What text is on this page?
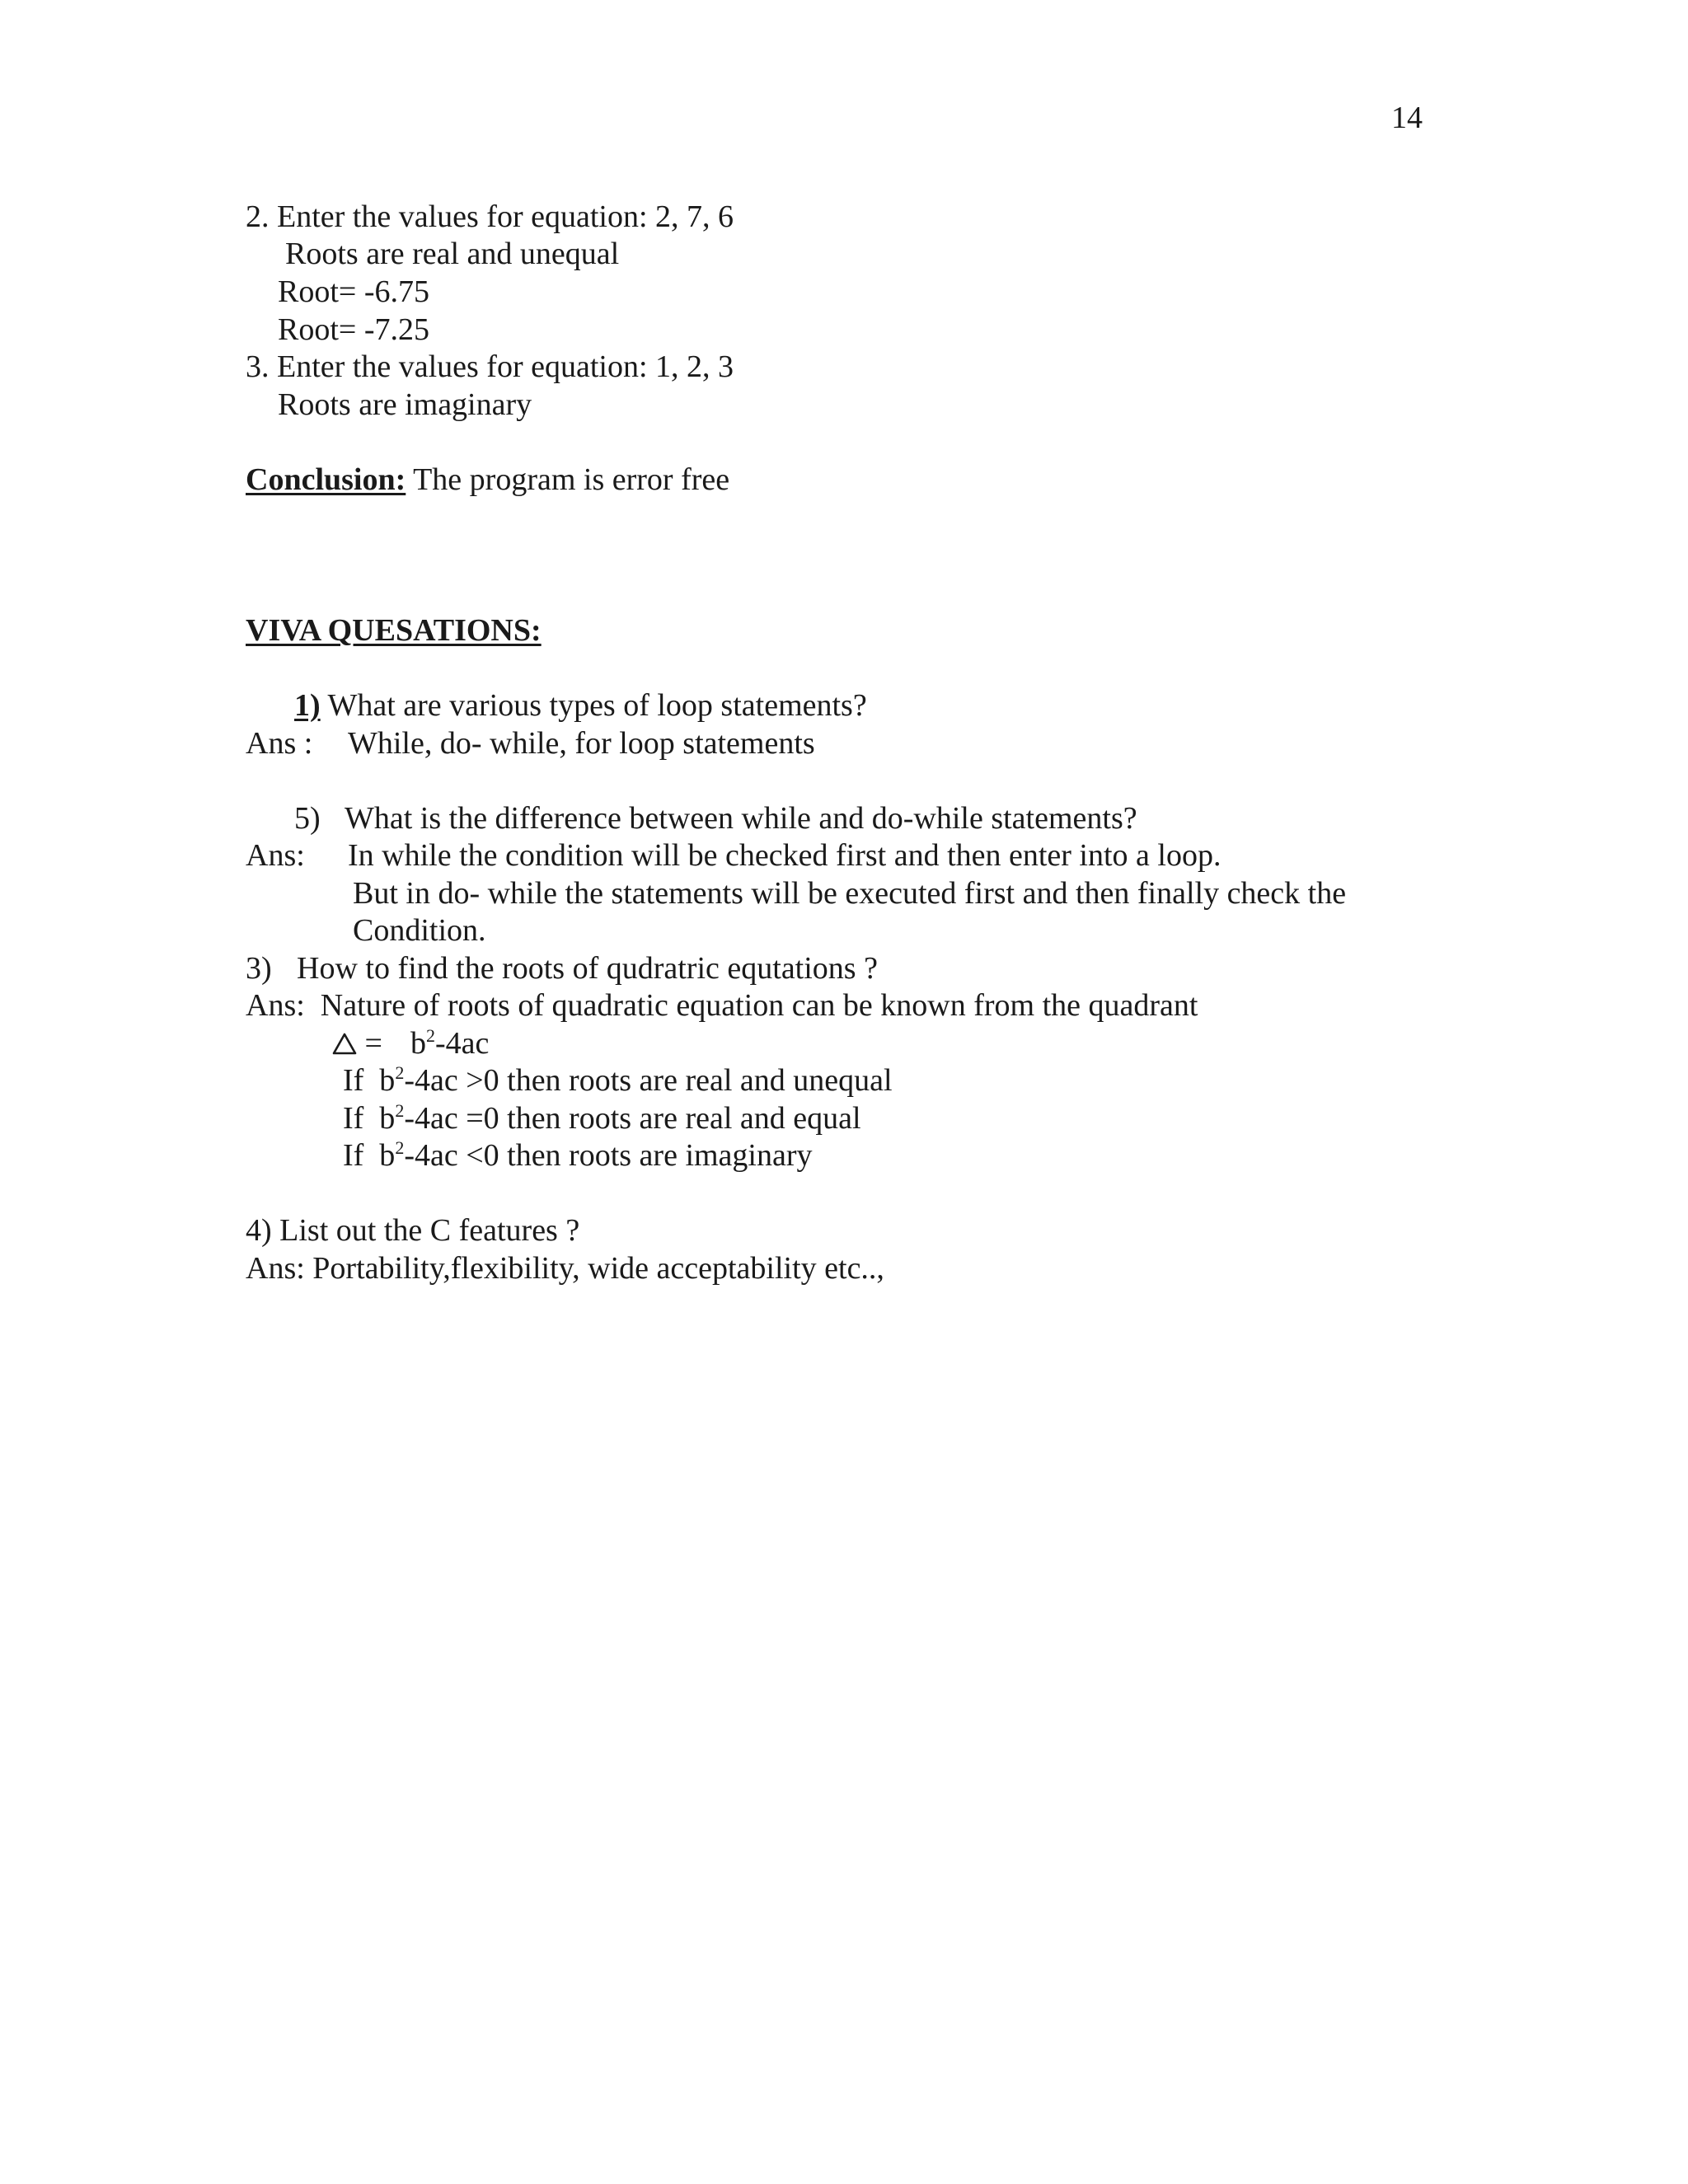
14
2. Enter the values for equation: 2, 7, 6
Roots are real and unequal
Root= -6.75
Root= -7.25
3. Enter the values for equation: 1, 2, 3
Roots are imaginary
Conclusion: The program is error free
VIVA QUESATIONS:
1) What are various types of loop statements?
Ans : While, do- while, for loop statements
5) What is the difference between while and do-while statements?
Ans: In while the condition will be checked first and then enter into a loop.
But in do- while the statements will be executed first and then finally check the
Condition.
3) How to find the roots of qudratric equtations ?
Ans:  Nature of roots of quadratic equation can be known from the quadrant
= $b^2-4ac$
If  $b^2-4ac >0$ then roots are real and unequal
If  $b^2-4ac =0$ then roots are real and equal
If  $b^2-4ac <0$ then roots are imaginary
4) List out the C features ?
Ans: Portability,flexibility, wide acceptability etc..,
